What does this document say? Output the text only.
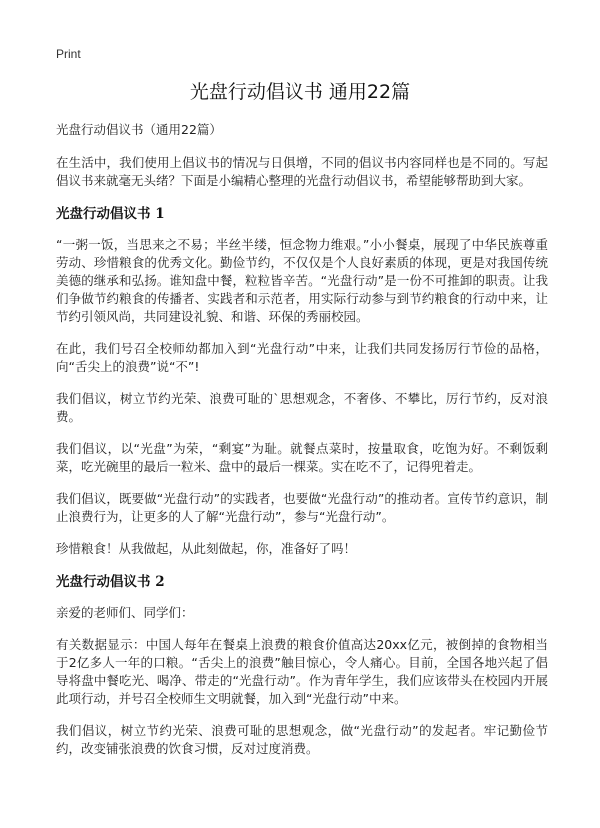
Print
光盘行动倡议书 通用22篇
光盘行动倡议书（通用22篇）

在生活中，我们使用上倡议书的情况与日俱增，不同的倡议书内容同样也是不同的。写起倡议书来就毫无头绪？下面是小编精心整理的光盘行动倡议书，希望能够帮助到大家。

光盘行动倡议书 1

“一粥一饭，当思来之不易；半丝半缕，恒念物力维艰。”小小餐桌，展现了中华民族尊重劳动、珍惜粮食的优秀文化。勤俭节约，不仅仅是个人良好素质的体现，更是对我国传统美德的继承和弘扬。谁知盘中餐，粒粒皆辛苦。“光盘行动”是一份不可推卸的职责。让我们争做节约粮食的传播者、实践者和示范者，用实际行动参与到节约粮食的行动中来，让节约引领风尚，共同建设礼貌、和谐、环保的秀丽校园。

在此，我们号召全校师幼都加入到“光盘行动”中来，让我们共同发扬厉行节俭的品格，向“舌尖上的浪费”说“不”!

我们倡议，树立节约光荣、浪费可耻的`思想观念，不奢侈、不攀比，厉行节约，反对浪费。

我们倡议，以“光盘”为荣，“剩宴”为耻。就餐点菜时，按量取食，吃饱为好。不剩饭剩菜，吃光碗里的最后一粒米、盘中的最后一棵菜。实在吃不了，记得兜着走。

我们倡议，既要做“光盘行动”的实践者，也要做“光盘行动”的推动者。宣传节约意识，制止浪费行为，让更多的人了解“光盘行动”，参与“光盘行动”。

珍惜粮食！从我做起，从此刻做起，你，准备好了吗！

光盘行动倡议书 2

亲爱的老师们、同学们：

有关数据显示：中国人每年在餐桌上浪费的粮食价值高达20xx亿元，被倒掉的食物相当于2亿多人一年的口粮。“舌尖上的浪费”触目惊心，令人痛心。目前，全国各地兴起了倡导将盘中餐吃光、喝净、带走的“光盘行动”。作为青年学生，我们应该带头在校园内开展此项行动，并号召全校师生文明就餐，加入到“光盘行动”中来。

我们倡议，树立节约光荣、浪费可耻的思想观念，做“光盘行动”的发起者。牢记勤俭节约，改变铺张浪费的饮食习惯，反对过度消费。
